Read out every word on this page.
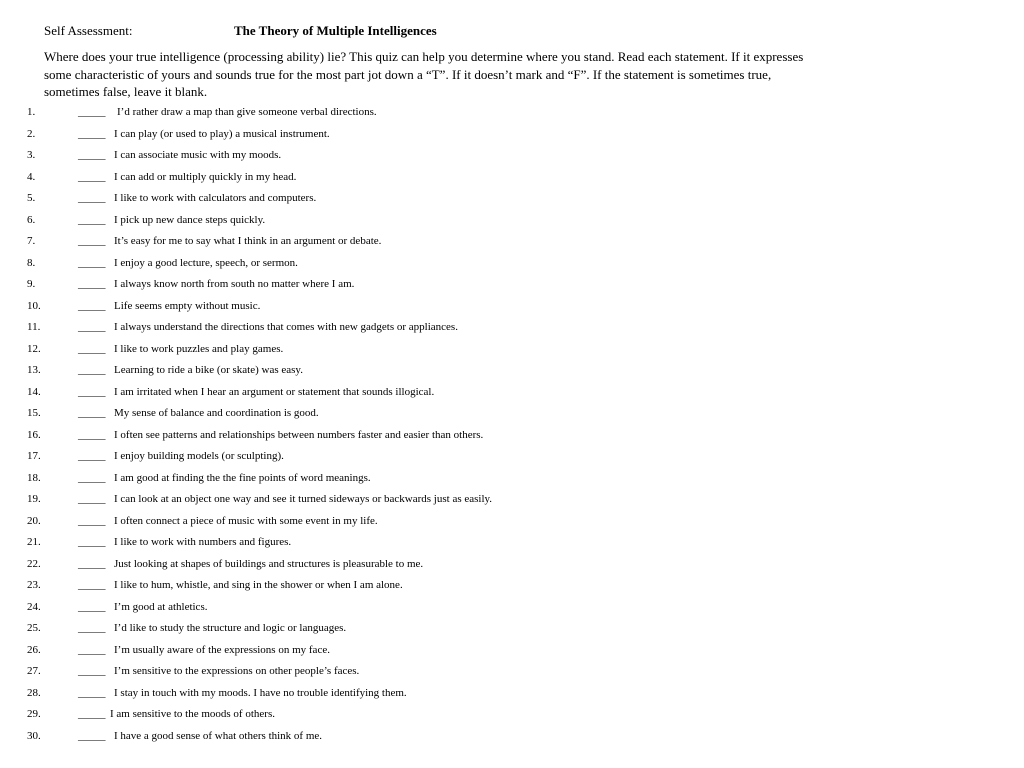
Self Assessment:	The Theory of Multiple Intelligences
Where does your true intelligence (processing ability) lie? This quiz can help you determine where you stand. Read each statement. If it expresses some characteristic of yours and sounds true for the most part jot down a “T”. If it doesn’t mark and “F”. If the statement is sometimes true, sometimes false, leave it blank.
1.	_____ I’d rather draw a map than give someone verbal directions.
2.	_____ I can play (or used to play) a musical instrument.
3.	_____ I can associate music with my moods.
4.	_____ I can add or multiply quickly in my head.
5.	_____ I like to work with calculators and computers.
6.	_____ I pick up new dance steps quickly.
7.	_____ It’s easy for me to say what I think in an argument or debate.
8.	_____ I enjoy a good lecture, speech, or sermon.
9.	_____ I always know north from south no matter where I am.
10.	_____ Life seems empty without music.
11.	_____ I always understand the directions that comes with new gadgets or appliances.
12.	_____ I like to work puzzles and play games.
13.	_____ Learning to ride a bike (or skate) was easy.
14.	_____ I am irritated when I hear an argument or statement that sounds illogical.
15.	_____ My sense of balance and coordination is good.
16.	_____ I often see patterns and relationships between numbers faster and easier than others.
17.	_____ I enjoy building models (or sculpting).
18.	_____ I am good at finding the the fine points of word meanings.
19.	_____ I can look at an object one way and see it turned sideways or backwards just as easily.
20.	_____ I often connect a piece of music with some event in my life.
21.	_____ I like to work with numbers and figures.
22.	_____ Just looking at shapes of buildings and structures is pleasurable to me.
23.	_____ I like to hum, whistle, and sing in the shower or when I am alone.
24.	_____ I’m good at athletics.
25.	_____ I’d like to study the structure and logic or languages.
26.	_____ I’m usually aware of the expressions on my face.
27.	_____ I’m sensitive to the expressions on other people’s faces.
28.	_____ I stay in touch with my moods. I have no trouble identifying them.
29.	_____ I am sensitive to the moods of others.
30.	_____ I have a good sense of what others think of me.
